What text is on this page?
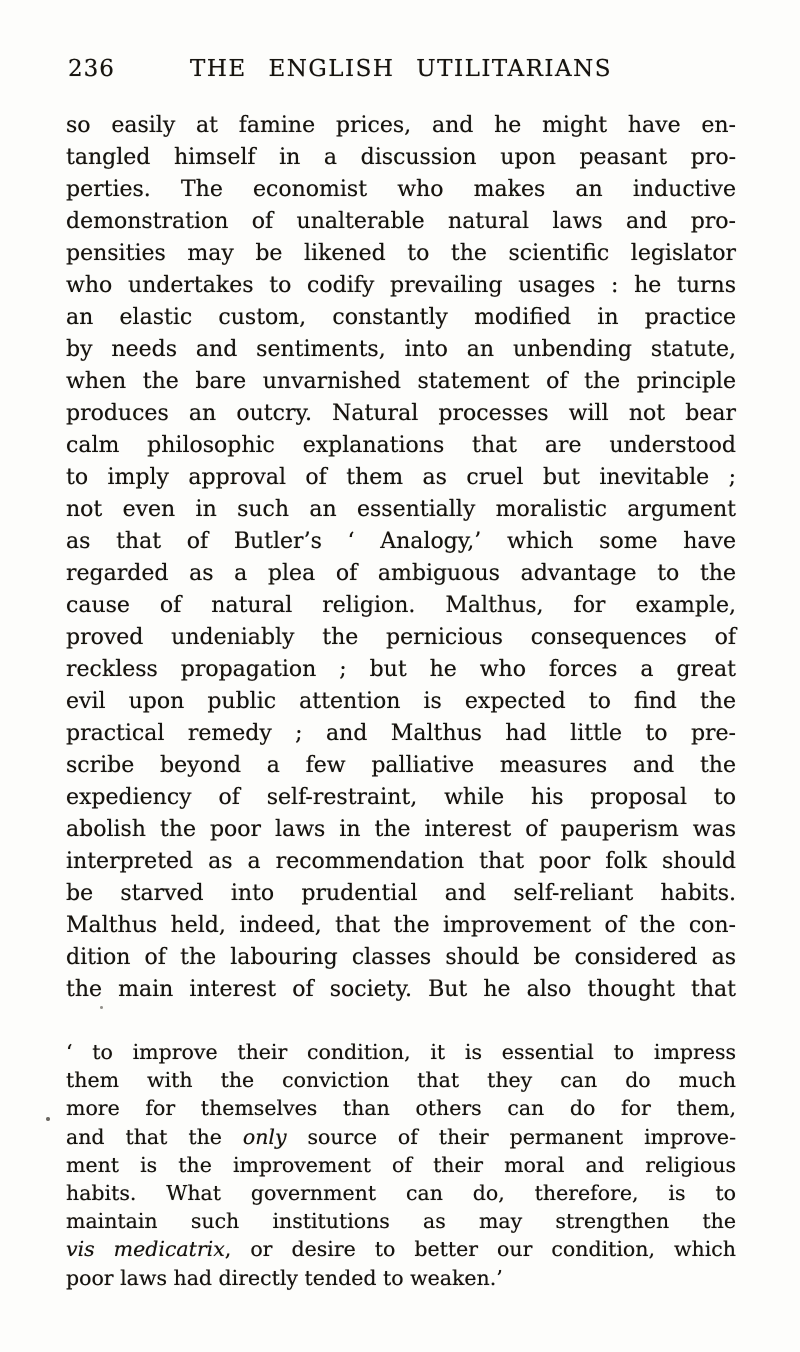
236	THE ENGLISH UTILITARIANS
so easily at famine prices, and he might have en-
tangled himself in a discussion upon peasant pro-
perties. The economist who makes an inductive
demonstration of unalterable natural laws and pro-
pensities may be likened to the scientific legislator
who undertakes to codify prevailing usages : he turns
an elastic custom, constantly modified in practice
by needs and sentiments, into an unbending statute,
when the bare unvarnished statement of the principle
produces an outcry. Natural processes will not bear
calm philosophic explanations that are understood
to imply approval of them as cruel but inevitable ;
not even in such an essentially moralistic argument
as that of Butler’s ‘ Analogy,’ which some have
regarded as a plea of ambiguous advantage to the
cause of natural religion. Malthus, for example,
proved undeniably the pernicious consequences of
reckless propagation ; but he who forces a great
evil upon public attention is expected to find the
practical remedy ; and Malthus had little to pre-
scribe beyond a few palliative measures and the
expediency of self-restraint, while his proposal to
abolish the poor laws in the interest of pauperism was
interpreted as a recommendation that poor folk should
be starved into prudential and self-reliant habits.
Malthus held, indeed, that the improvement of the con-
dition of the labouring classes should be considered as
the main interest of society. But he also thought that
‘ to improve their condition, it is essential to impress
them with the conviction that they can do much
more for themselves than others can do for them,
and that the only source of their permanent improve-
ment is the improvement of their moral and religious
habits. What government can do, therefore, is to
maintain such institutions as may strengthen the
vis medicatrix, or desire to better our condition, which
poor laws had directly tended to weaken.’
